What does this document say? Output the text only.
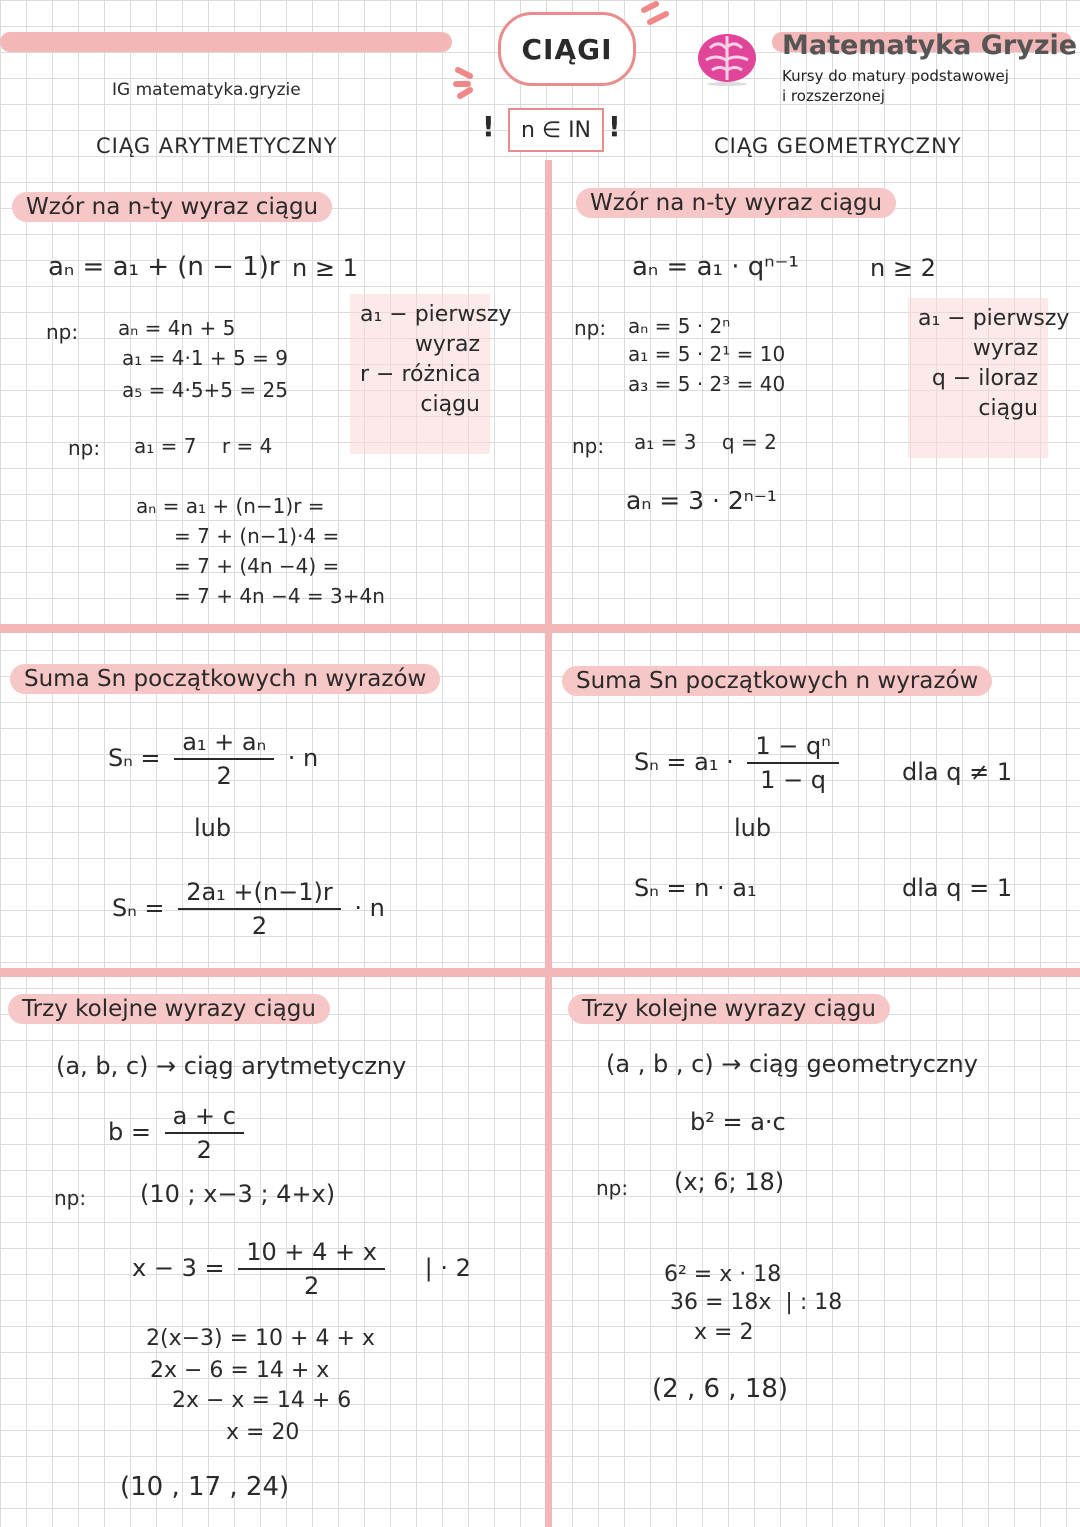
CIĄGI
IG matematyka.gryzie
!	n ∈ IN !
Matematyka Gryzie
Kursy do matury podstawowej
i rozszerzonej
CIĄG ARYTMETYCZNY
Wzór na n-ty wyraz ciągu
aₙ = a₁ + (n − 1)r n ≥ 1
np: aₙ = 4n + 5
a₁ = 4·1 + 5 = 9
a₅ = 4·5+5 = 25
a₁ − pierwszy
wyraz
r − różnica
ciągu
np: a₁ = 7    r = 4
aₙ = a₁ + (n−1)r =
= 7 + (n−1)·4 =
= 7 + (4n −4) =
= 7 + 4n −4 = 3+4n
Suma Sn początkowych n wyrazów
$S_n = \frac{\text{a₁ + aₙ}}{2} \cdot n$
lub
$S_n = \frac{\text{2a₁ +(n−1)r}}{2} \cdot n$
Trzy kolejne wyrazy ciągu
(a, b, c) → ciąg arytmetyczny
$b = \frac{a + c}{2}$
np: (10 ; x−3 ; 4+x)
$x - 3 = \frac{10 + 4 + x}{2}$ | · 2
2(x−3) = 10 + 4 + x
2x − 6 = 14 + x
2x − x = 14 + 6
x = 20
(10 , 17 , 24)
CIĄG GEOMETRYCZNY
Wzór na n-ty wyraz ciągu
aₙ = a₁ · qⁿ⁻¹	n ≥ 2
np: aₙ = 5 · 2ⁿ
a₁ = 5 · 2¹ = 10
a₃ = 5 · 2³ = 40
a₁ − pierwszy
wyraz
q − iloraz
ciągu
np: a₁ = 3    q = 2
aₙ = 3 · 2ⁿ⁻¹
Suma Sn początkowych n wyrazów
$S_n = a_1 \cdot \frac{\text{1 − qⁿ}}{1 - q}$	dla q ≠ 1
lub
Sₙ = n · a₁	dla q = 1
Trzy kolejne wyrazy ciągu
(a , b , c) → ciąg geometryczny
b² = a·c
np: (x; 6; 18)
6² = x · 18
36 = 18x  | : 18
x = 2
(2 , 6 , 18)
